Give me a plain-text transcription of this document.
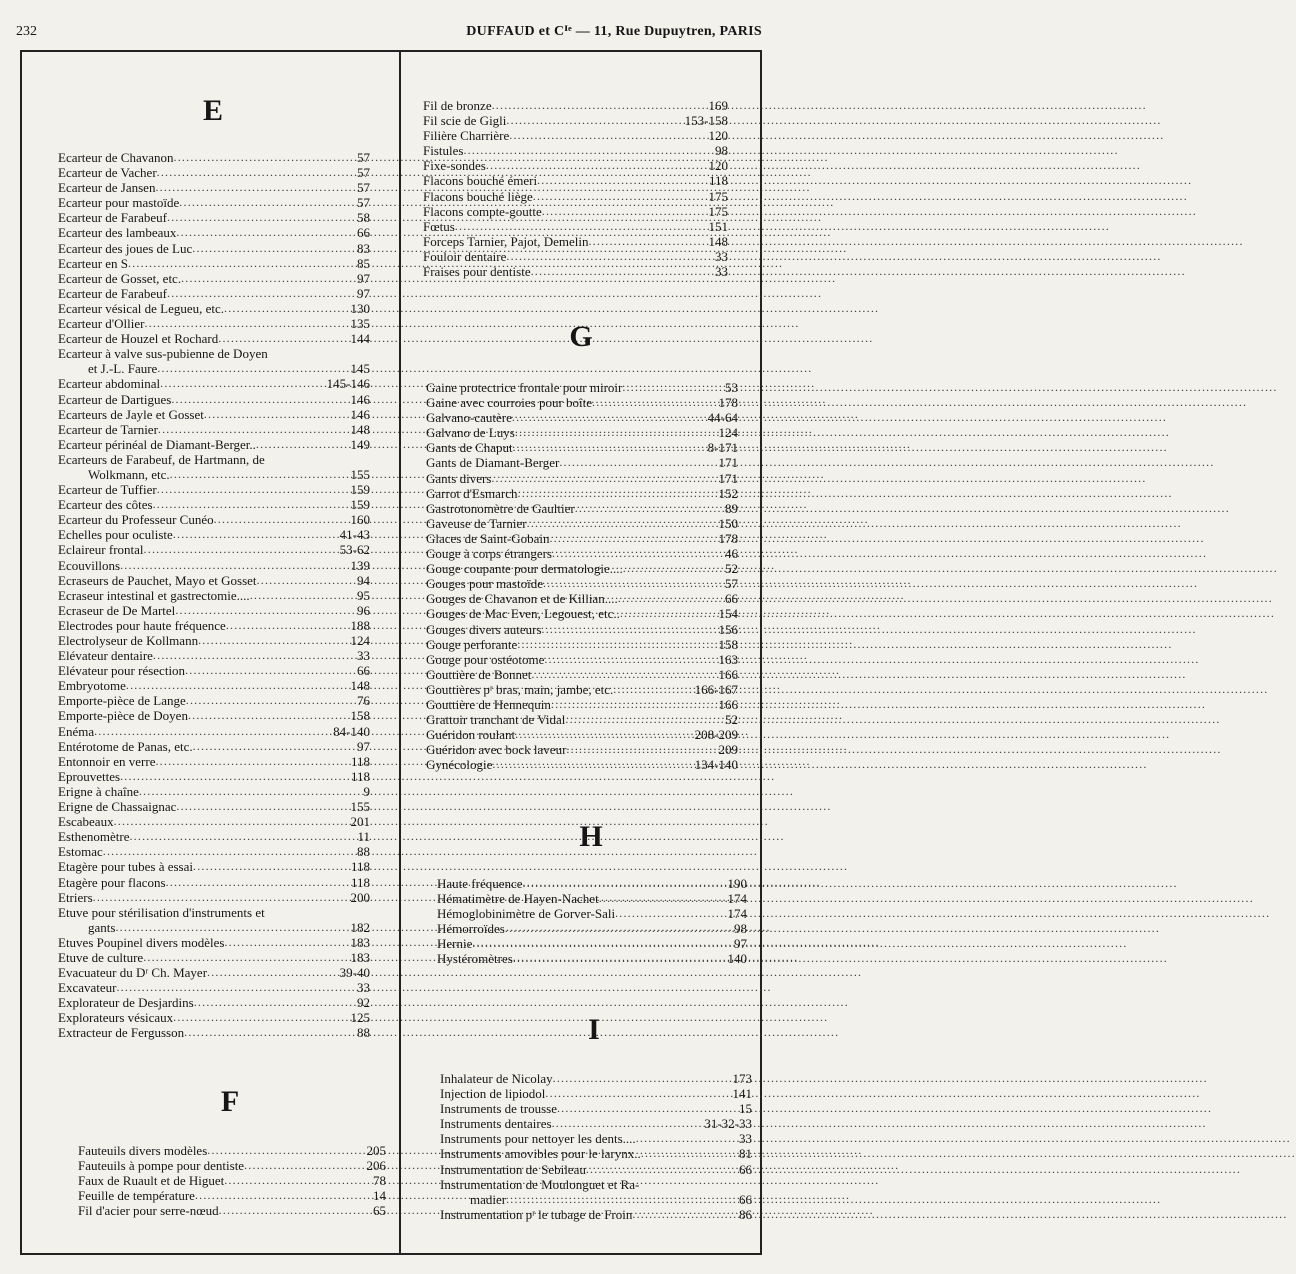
232	DUFFAUD et Cᴵᵉ — 11, Rue Dupuytren, PARIS
E
Ecarteur de Chavanon .....	57
Ecarteur de Vacher .....	57
Ecarteur de Jansen .....	57
Ecarteur pour mastoïde .....	57
Ecarteur de Farabeuf .....	58
Ecarteur des lambeaux .....	66
Ecarteur des joues de Luc .....	83
Ecarteur en S .....	85
Ecarteur de Gosset, etc. .....	97
Ecarteur de Farabeuf .....	97
Ecarteur vésical de Legueu, etc. .....	130
Ecarteur d'Ollier .....	135
Ecarteur de Houzel et Rochard .....	144
Ecarteur à valve sus-pubienne de Doyen
et J.-L. Faure .....	145
Ecarteur abdominal .....	145-146
Ecarteur de Dartigues .....	146
Ecarteurs de Jayle et Gosset .....	146
Ecarteur de Tarnier .....	148
Ecarteur périnéal de Diamant-Berger.. .....	149
Ecarteurs de Farabeuf, de Hartmann, de
Wolkmann, etc. .....	155
Ecarteur de Tuffier .....	159
Ecarteur des côtes .....	159
Ecarteur du Professeur Cunéo .....	160
Echelles pour oculiste .....	41-43
Eclaireur frontal .....	53-62
Ecouvillons .....	139
Ecraseurs de Pauchet, Mayo et Gosset .....	94
Ecraseur intestinal et gastrectomie.... .....	95
Ecraseur de De Martel .....	96
Electrodes pour haute fréquence .....	188
Electrolyseur de Kollmann .....	124
Elévateur dentaire .....	33
Elévateur pour résection .....	66
Embryotome .....	148
Emporte-pièce de Lange .....	76
Emporte-pièce de Doyen .....	158
Enéma .....	84-140
Entérotome de Panas, etc. .....	97
Entonnoir en verre .....	118
Eprouvettes .....	118
Erigne à chaîne .....	9
Erigne de Chassaignac .....	155
Escabeaux .....	201
Esthenomètre .....	11
Estomac .....	88
Etagère pour tubes à essai .....	118
Etagère pour flacons .....	118
Etriers .....	200
Etuve pour stérilisation d'instruments et
gants .....	182
Etuves Poupinel divers modèles .....	183
Etuve de culture .....	183
Evacuateur du Dʳ Ch. Mayer .....	39-40
Excavateur .....	33
Explorateur de Desjardins .....	92
Explorateurs vésicaux .....	125
Extracteur de Fergusson .....	88
F
Fauteuils divers modèles .....	205
Fauteuils à pompe pour dentiste .....	206
Faux de Ruault et de Higuet .....	78
Feuille de température .....	14
Fil d'acier pour serre-nœud .....	65
Fil de bronze .....	169
Fil scie de Gigli .....	153-158
Filière Charrière .....	120
Fistules .....	98
Fixe-sondes .....	120
Flacons bouché émeri .....	118
Flacons bouché liège .....	175
Flacons compte-goutte .....	175
Fœtus .....	151
Forceps Tarnier, Pajot, Demelin .....	148
Fouloir dentaire .....	33
Fraises pour dentiste .....	33
G
Gaine protectrice frontale pour miroir .....	53
Gaine avec courroies pour boîte .....	178
Galvano-cautère .....	44-64
Galvano de Luys .....	124
Gants de Chaput .....	8-171
Gants de Diamant-Berger .....	171
Gants divers .....	171
Garrot d'Esmarch .....	152
Gastrotonomètre de Gaultier .....	89
Gaveuse de Tarnier .....	150
Glaces de Saint-Gobain .....	178
Gouge à corps étrangers .....	46
Gouge coupante pour dermatologie.... .....	52
Gouges pour mastoïde .....	57
Gouges de Chavanon et de Killian.... .....	66
Gouges de Mac Even, Legouest, etc.. .....	154
Gouges divers auteurs .....	156
Gouge perforante .....	158
Gouge pour ostéotome .....	163
Gouttière de Bonnet .....	166
Gouttières pʳ bras, main, jambe, etc. .....	166-167
Gouttière de Hennequin .....	166
Grattoir tranchant de Vidal .....	52
Guéridon roulant .....	208-209
Guéridon avec bock laveur .....	209
Gynécologie .....	134-140
H
Haute fréquence .....	190
Hématimètre de Hayen-Nachet .....	174
Hémoglobinimètre de Gorver-Sali .....	174
Hémorroïdes .....	98
Hernie .....	97
Hystéromètres .....	140
I
Inhalateur de Nicolay .....	173
Injection de lipiodol .....	141
Instruments de trousse .....	15
Instruments dentaires .....	31-32-33
Instruments pour nettoyer les dents.... .....	33
Instruments amovibles pour le larynx.. .....	81
Instrumentation de Sebileau .....	66
Instrumentation de Moulonguet et Ra-
madier .....	66
Instrumentation pʳ le tubage de Froin .....	86
